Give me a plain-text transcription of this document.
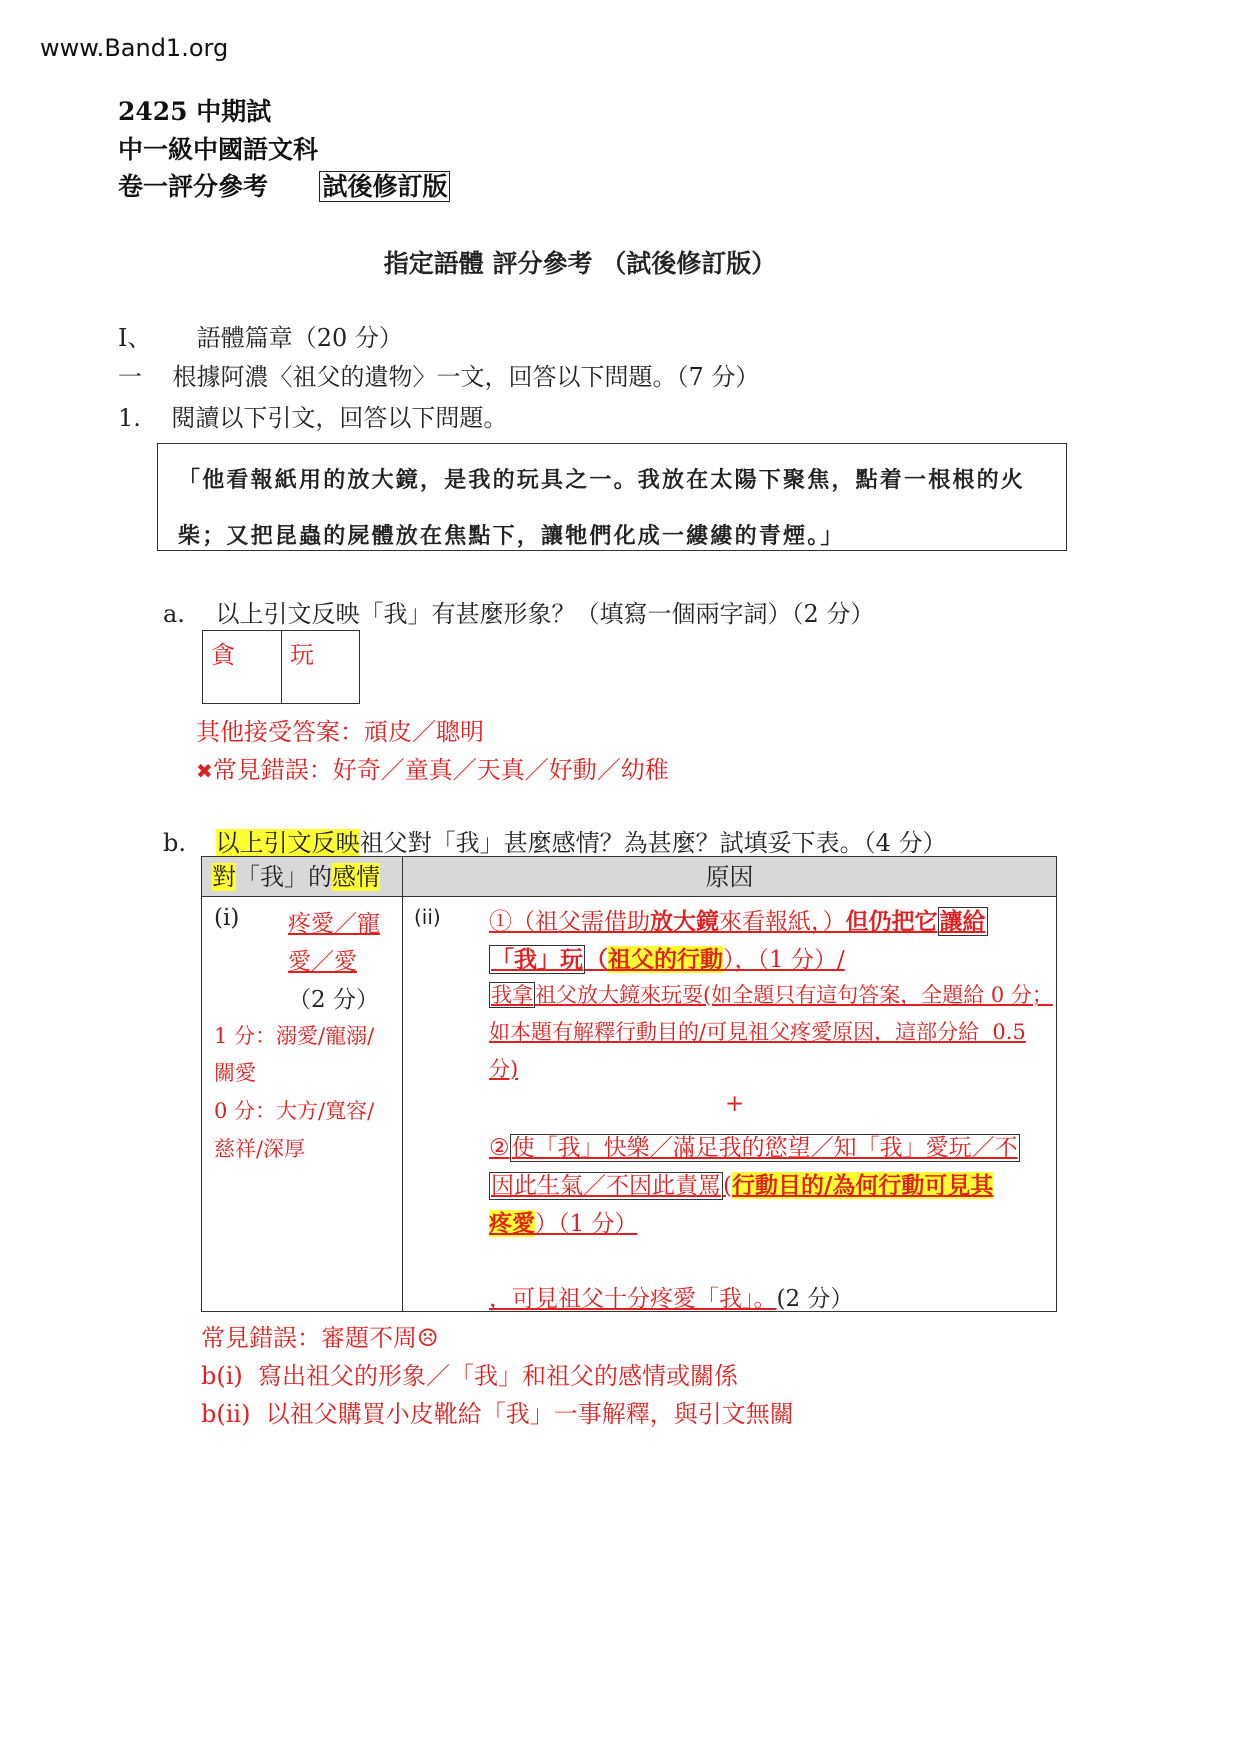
www.Band1.org
2425 中期試
中一級中國語文科
卷一評分參考 試後修訂版
指定語體 評分參考 （試後修訂版）
I、 語體篇章（20 分）
一    根據阿濃〈祖父的遺物〉一文，回答以下問題。（7 分）
1.    閱讀以下引文，回答以下問題。
「他看報紙用的放大鏡，是我的玩具之一。我放在太陽下聚焦，點着一根根的火
柴；又把昆蟲的屍體放在焦點下，讓牠們化成一縷縷的青煙。」
a.    以上引文反映「我」有甚麼形象？（填寫一個兩字詞）（2 分）
貪	玩
其他接受答案：頑皮／聰明
✖常見錯誤：好奇／童真／天真／好動／幼稚
b. 以上引文反映祖父對「我」甚麼感情？為甚麼？試填妥下表。（4 分）
對「我」的感情	原因
(i) 疼愛／寵
愛／愛
（2 分）
1 分：溺愛/寵溺/
關愛
0 分：大方/寬容/
慈祥/深厚
(ii) ①（祖父需借助放大鏡來看報紙，）但仍把它讓給
「我」玩（祖父的行動），（1 分）/
我拿祖父放大鏡來玩耍(如全題只有這句答案，全題給 0 分；
如本題有解釋行動目的/可見祖父疼愛原因，這部分給  0.5
分)
+
②使「我」快樂／滿足我的慾望／知「我」愛玩／不
因此生氣／不因此責罵(行動目的/為何行動可見其
疼愛）（1 分）
，可見祖父十分疼愛「我」。(2 分）
常見錯誤：審題不周☹
b(i)  寫出祖父的形象／「我」和祖父的感情或關係
b(ii)  以祖父購買小皮靴給「我」一事解釋，與引文無關
